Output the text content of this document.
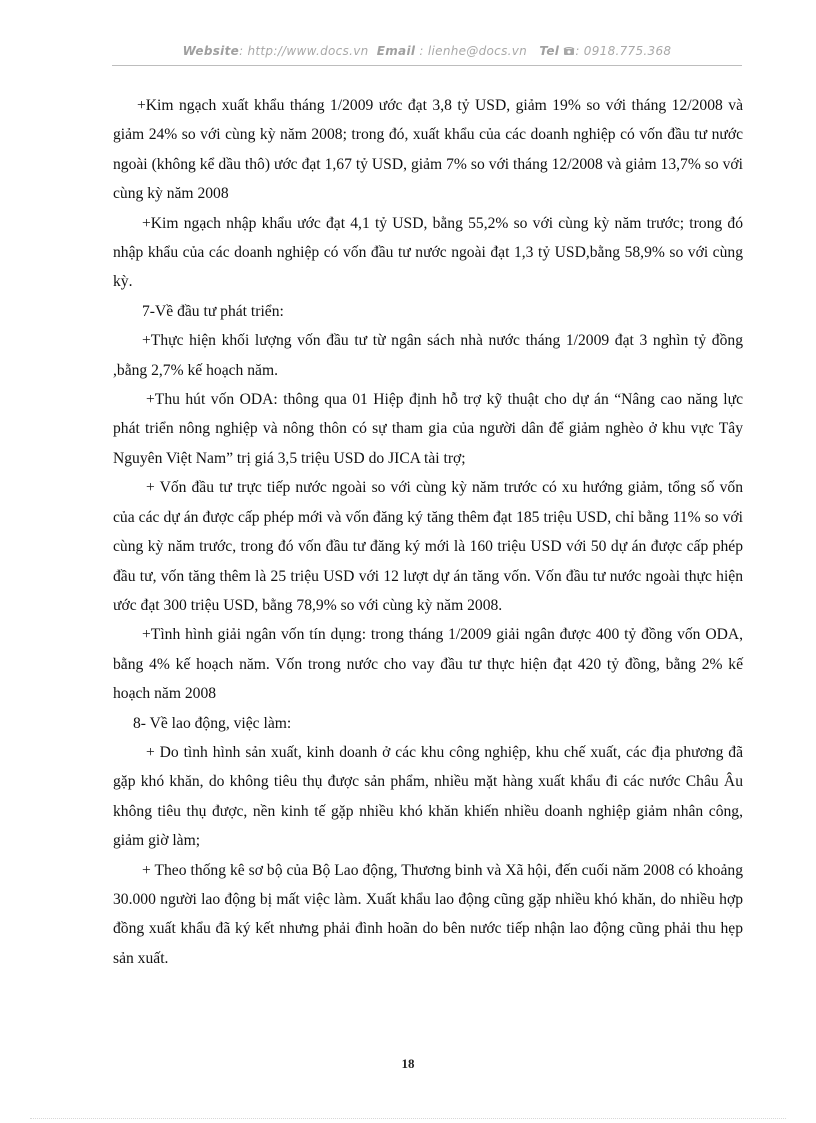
Website: http://www.docs.vn Email : lienhe@docs.vn Tel : 0918.775.368

+Kim ngạch xuất khẩu tháng 1/2009 ước đạt 3,8 tỷ USD, giảm 19% so với tháng 12/2008 và giảm 24% so với cùng kỳ năm 2008; trong đó, xuất khẩu của các doanh nghiệp có vốn đầu tư nước ngoài (không kể dầu thô) ước đạt 1,67 tỷ USD, giảm 7% so với tháng 12/2008 và giảm 13,7% so với cùng kỳ năm 2008

+Kim ngạch nhập khẩu ước đạt 4,1 tỷ USD, bằng 55,2% so với cùng kỳ năm trước; trong đó nhập khẩu của các doanh nghiệp có vốn đầu tư nước ngoài đạt 1,3 tỷ USD,bằng 58,9% so với cùng kỳ.

7-Về đầu tư phát triển:

+Thực hiện khối lượng vốn đầu tư từ ngân sách nhà nước tháng 1/2009 đạt 3 nghìn tỷ đồng ,bằng 2,7% kế hoạch năm.

+Thu hút vốn ODA: thông qua 01 Hiệp định hỗ trợ kỹ thuật cho dự án “Nâng cao năng lực phát triển nông nghiệp và nông thôn có sự tham gia của người dân để giảm nghèo ở khu vực Tây Nguyên Việt Nam” trị giá 3,5 triệu USD do JICA tài trợ;

+ Vốn đầu tư trực tiếp nước ngoài so với cùng kỳ năm trước có xu hướng giảm, tổng số vốn của các dự án được cấp phép mới và vốn đăng ký tăng thêm đạt 185 triệu USD, chỉ bằng 11% so với cùng kỳ năm trước, trong đó vốn đầu tư đăng ký mới là 160 triệu USD với 50 dự án được cấp phép đầu tư, vốn tăng thêm là 25 triệu USD với 12 lượt dự án tăng vốn. Vốn đầu tư nước ngoài thực hiện ước đạt 300 triệu USD, bằng 78,9% so với cùng kỳ năm 2008.

+Tình hình giải ngân vốn tín dụng: trong tháng 1/2009 giải ngân được 400 tỷ đồng vốn ODA, bằng 4% kế hoạch năm. Vốn trong nước cho vay đầu tư thực hiện đạt 420 tỷ đồng, bằng 2% kế hoạch năm 2008

8- Về lao động, việc làm:

+ Do tình hình sản xuất, kinh doanh ở các khu công nghiệp, khu chế xuất, các địa phương đã gặp khó khăn, do không tiêu thụ được sản phẩm, nhiều mặt hàng xuất khẩu đi các nước Châu Âu không tiêu thụ được, nền kinh tế gặp nhiều khó khăn khiến nhiều doanh nghiệp giảm nhân công, giảm giờ làm;

+ Theo thống kê sơ bộ của Bộ Lao động, Thương binh và Xã hội, đến cuối năm 2008 có khoảng 30.000 người lao động bị mất việc làm. Xuất khẩu lao động cũng gặp nhiều khó khăn, do nhiều hợp đồng xuất khẩu đã ký kết nhưng phải đình hoãn do bên nước tiếp nhận lao động cũng phải thu hẹp sản xuất.

18
